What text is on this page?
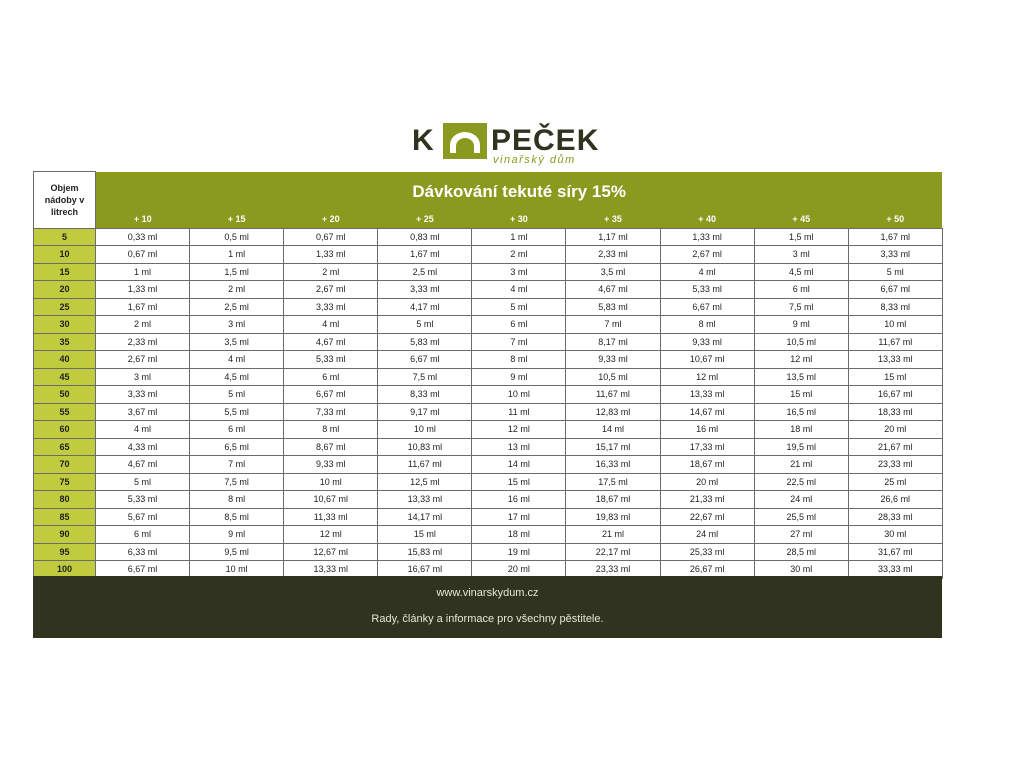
K PEČEK
vinařský dům
Objem nádoby v litrech	Dávkování tekuté síry 15%								
	+ 10	+ 15	+ 20	+ 25	+ 30	+ 35	+ 40	+ 45	+ 50
5	0,33 ml	0,5 ml	0,67 ml	0,83 ml	1 ml	1,17 ml	1,33 ml	1,5 ml	1,67 ml
10	0,67 ml	1 ml	1,33 ml	1,67 ml	2 ml	2,33 ml	2,67 ml	3 ml	3,33 ml
15	1 ml	1,5 ml	2 ml	2,5 ml	3 ml	3,5 ml	4 ml	4,5 ml	5 ml
20	1,33 ml	2 ml	2,67 ml	3,33 ml	4 ml	4,67 ml	5,33 ml	6 ml	6,67 ml
25	1,67 ml	2,5 ml	3,33 ml	4,17 ml	5 ml	5,83 ml	6,67 ml	7,5 ml	8,33 ml
30	2 ml	3 ml	4 ml	5 ml	6 ml	7 ml	8 ml	9 ml	10 ml
35	2,33 ml	3,5 ml	4,67 ml	5,83 ml	7 ml	8,17 ml	9,33 ml	10,5 ml	11,67 ml
40	2,67 ml	4 ml	5,33 ml	6,67 ml	8 ml	9,33 ml	10,67 ml	12 ml	13,33 ml
45	3 ml	4,5 ml	6 ml	7,5 ml	9 ml	10,5 ml	12 ml	13,5 ml	15 ml
50	3,33 ml	5 ml	6,67 ml	8,33 ml	10 ml	11,67 ml	13,33 ml	15 ml	16,67 ml
55	3,67 ml	5,5 ml	7,33 ml	9,17 ml	11 ml	12,83 ml	14,67 ml	16,5 ml	18,33 ml
60	4 ml	6 ml	8 ml	10 ml	12 ml	14 ml	16 ml	18 ml	20 ml
65	4,33 ml	6,5 ml	8,67 ml	10,83 ml	13 ml	15,17 ml	17,33 ml	19,5 ml	21,67 ml
70	4,67 ml	7 ml	9,33 ml	11,67 ml	14 ml	16,33 ml	18,67 ml	21 ml	23,33 ml
75	5 ml	7,5 ml	10 ml	12,5 ml	15 ml	17,5 ml	20 ml	22,5 ml	25 ml
80	5,33 ml	8 ml	10,67 ml	13,33 ml	16 ml	18,67 ml	21,33 ml	24 ml	26,6 ml
85	5,67 ml	8,5 ml	11,33 ml	14,17 ml	17 ml	19,83 ml	22,67 ml	25,5 ml	28,33 ml
90	6 ml	9 ml	12 ml	15 ml	18 ml	21 ml	24 ml	27 ml	30 ml
95	6,33 ml	9,5 ml	12,67 ml	15,83 ml	19 ml	22,17 ml	25,33 ml	28,5 ml	31,67 ml
100	6,67 ml	10 ml	13,33 ml	16,67 ml	20 ml	23,33 ml	26,67 ml	30 ml	33,33 ml
www.vinarskydum.cz
Rady, články a informace pro všechny pěstitele.
